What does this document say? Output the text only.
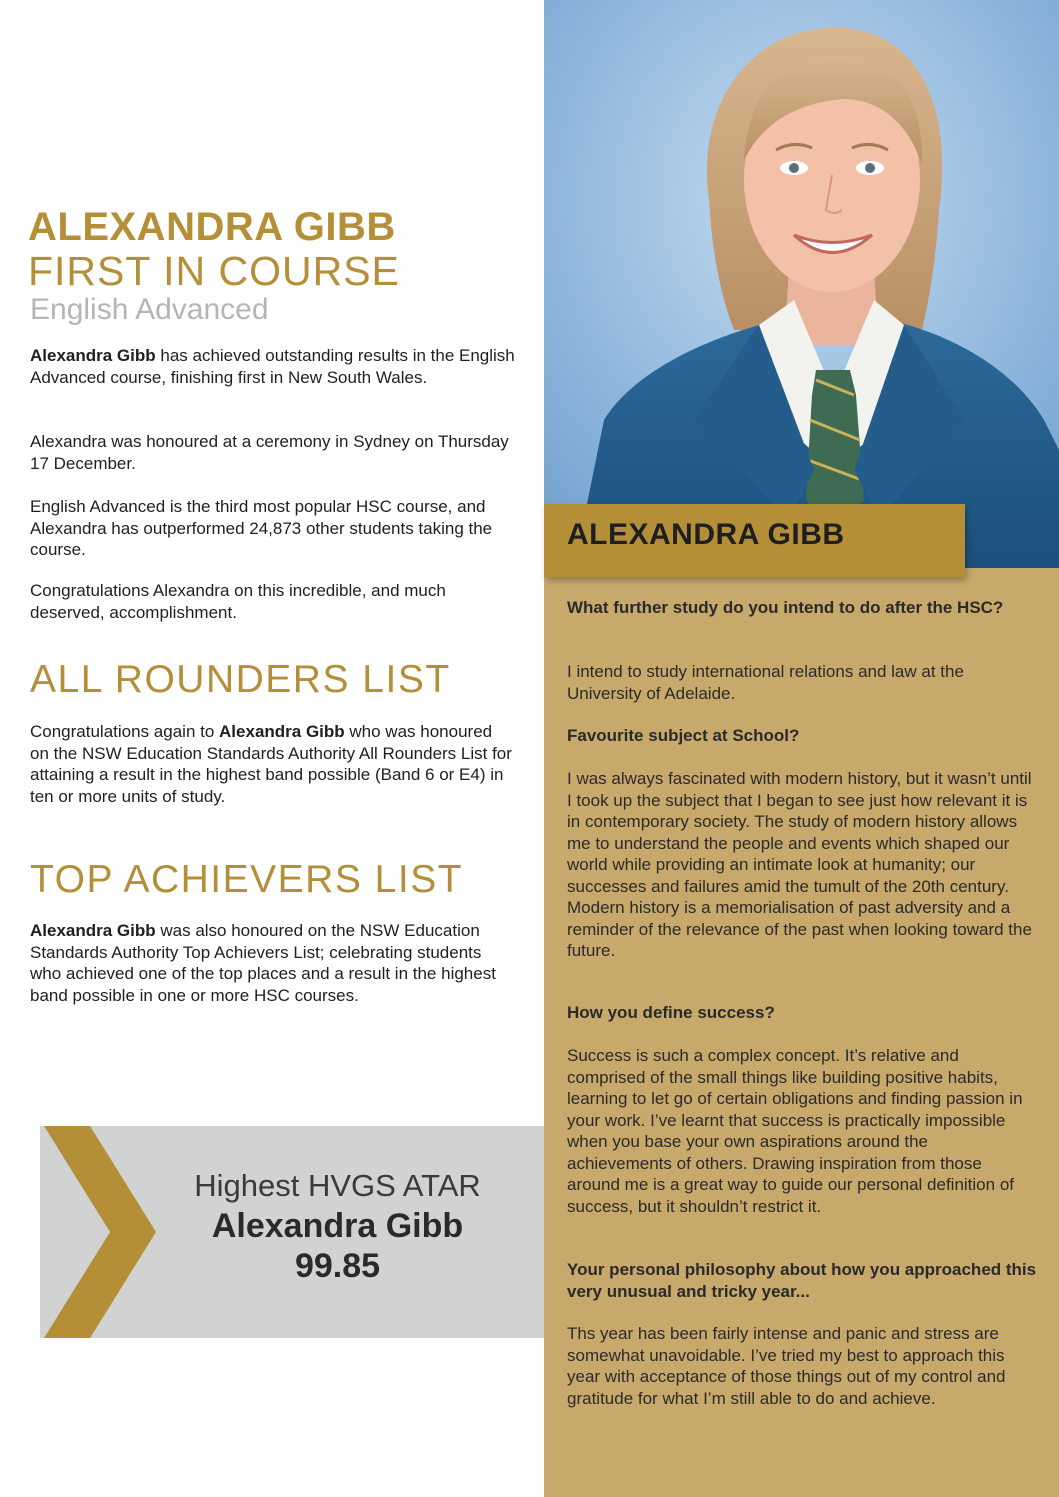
ALEXANDRA GIBB
FIRST IN COURSE
English Advanced

Alexandra Gibb has achieved outstanding results in the English Advanced course, finishing first in New South Wales.

Alexandra was honoured at a ceremony in Sydney on Thursday 17 December.

English Advanced is the third most popular HSC course, and Alexandra has outperformed 24,873 other students taking the course.

Congratulations Alexandra on this incredible, and much deserved, accomplishment.

ALL ROUNDERS LIST

Congratulations again to Alexandra Gibb who was honoured on the NSW Education Standards Authority All Rounders List for attaining a result in the highest band possible (Band 6 or E4) in ten or more units of study.

TOP ACHIEVERS LIST

Alexandra Gibb was also honoured on the NSW Education Standards Authority Top Achievers List; celebrating students who achieved one of the top places and a result in the highest band possible in one or more HSC courses.

Highest HVGS ATAR
Alexandra Gibb
99.85
ALEXANDRA GIBB

What further study do you intend to do after the HSC?

I intend to study international relations and law at the University of Adelaide.

Favourite subject at School?

I was always fascinated with modern history, but it wasn’t until I took up the subject that I began to see just how relevant it is in contemporary society. The study of modern history allows me to understand the people and events which shaped our world while providing an intimate look at humanity; our successes and failures amid the tumult of the 20th century. Modern history is a memorialisation of past adversity and a reminder of the relevance of the past when looking toward the future.

How you define success?

Success is such a complex concept. It’s relative and comprised of the small things like building positive habits, learning to let go of certain obligations and finding passion in your work. I’ve learnt that success is practically impossible when you base your own aspirations around the achievements of others. Drawing inspiration from those around me is a great way to guide our personal definition of success, but it shouldn’t restrict it.

Your personal philosophy about how you approached this very unusual and tricky year...

Ths year has been fairly intense and panic and stress are somewhat unavoidable. I’ve tried my best to approach this year with acceptance of those things out of my control and gratitude for what I’m still able to do and achieve.
